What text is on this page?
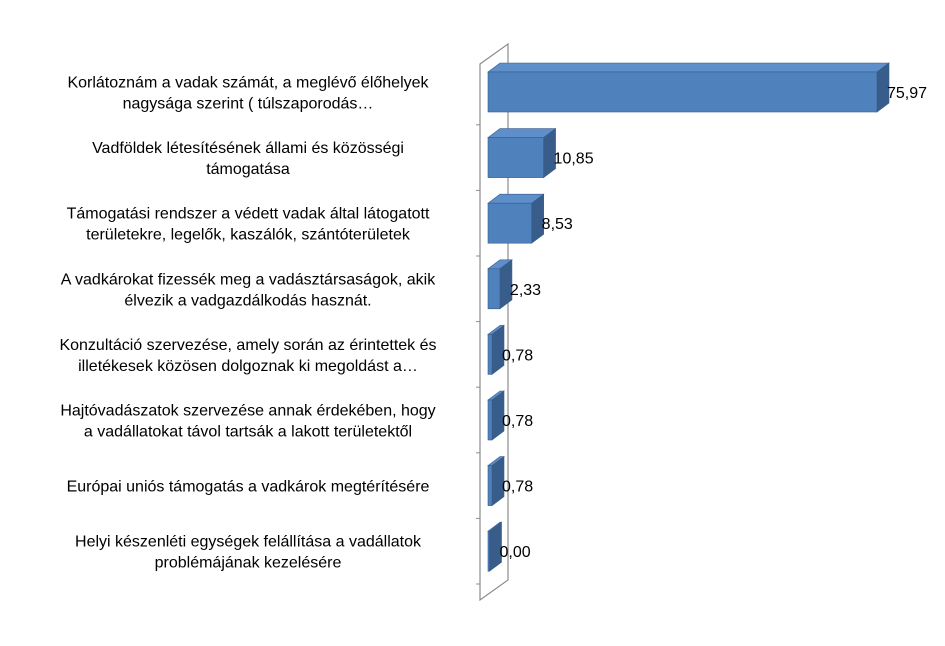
75,97
Korlátoznám a vadak számát, a meglévő élőhelyek
nagysága szerint ( túlszaporodás…
10,85
Vadföldek létesítésének állami és közösségi
támogatása
8,53
Támogatási rendszer a védett vadak által látogatott
területekre, legelők, kaszálók, szántóterületek
2,33
A vadkárokat fizessék meg a vadásztársaságok, akik
élvezik a vadgazdálkodás hasznát.
0,78
Konzultáció szervezése, amely során az érintettek és
illetékesek közösen dolgoznak ki megoldást a…
0,78
Hajtóvadászatok szervezése annak érdekében, hogy
a vadállatokat távol tartsák a lakott területektől
0,78
Európai uniós támogatás a vadkárok megtérítésére
0,00
Helyi készenléti egységek felállítása a vadállatok
problémájának kezelésére
